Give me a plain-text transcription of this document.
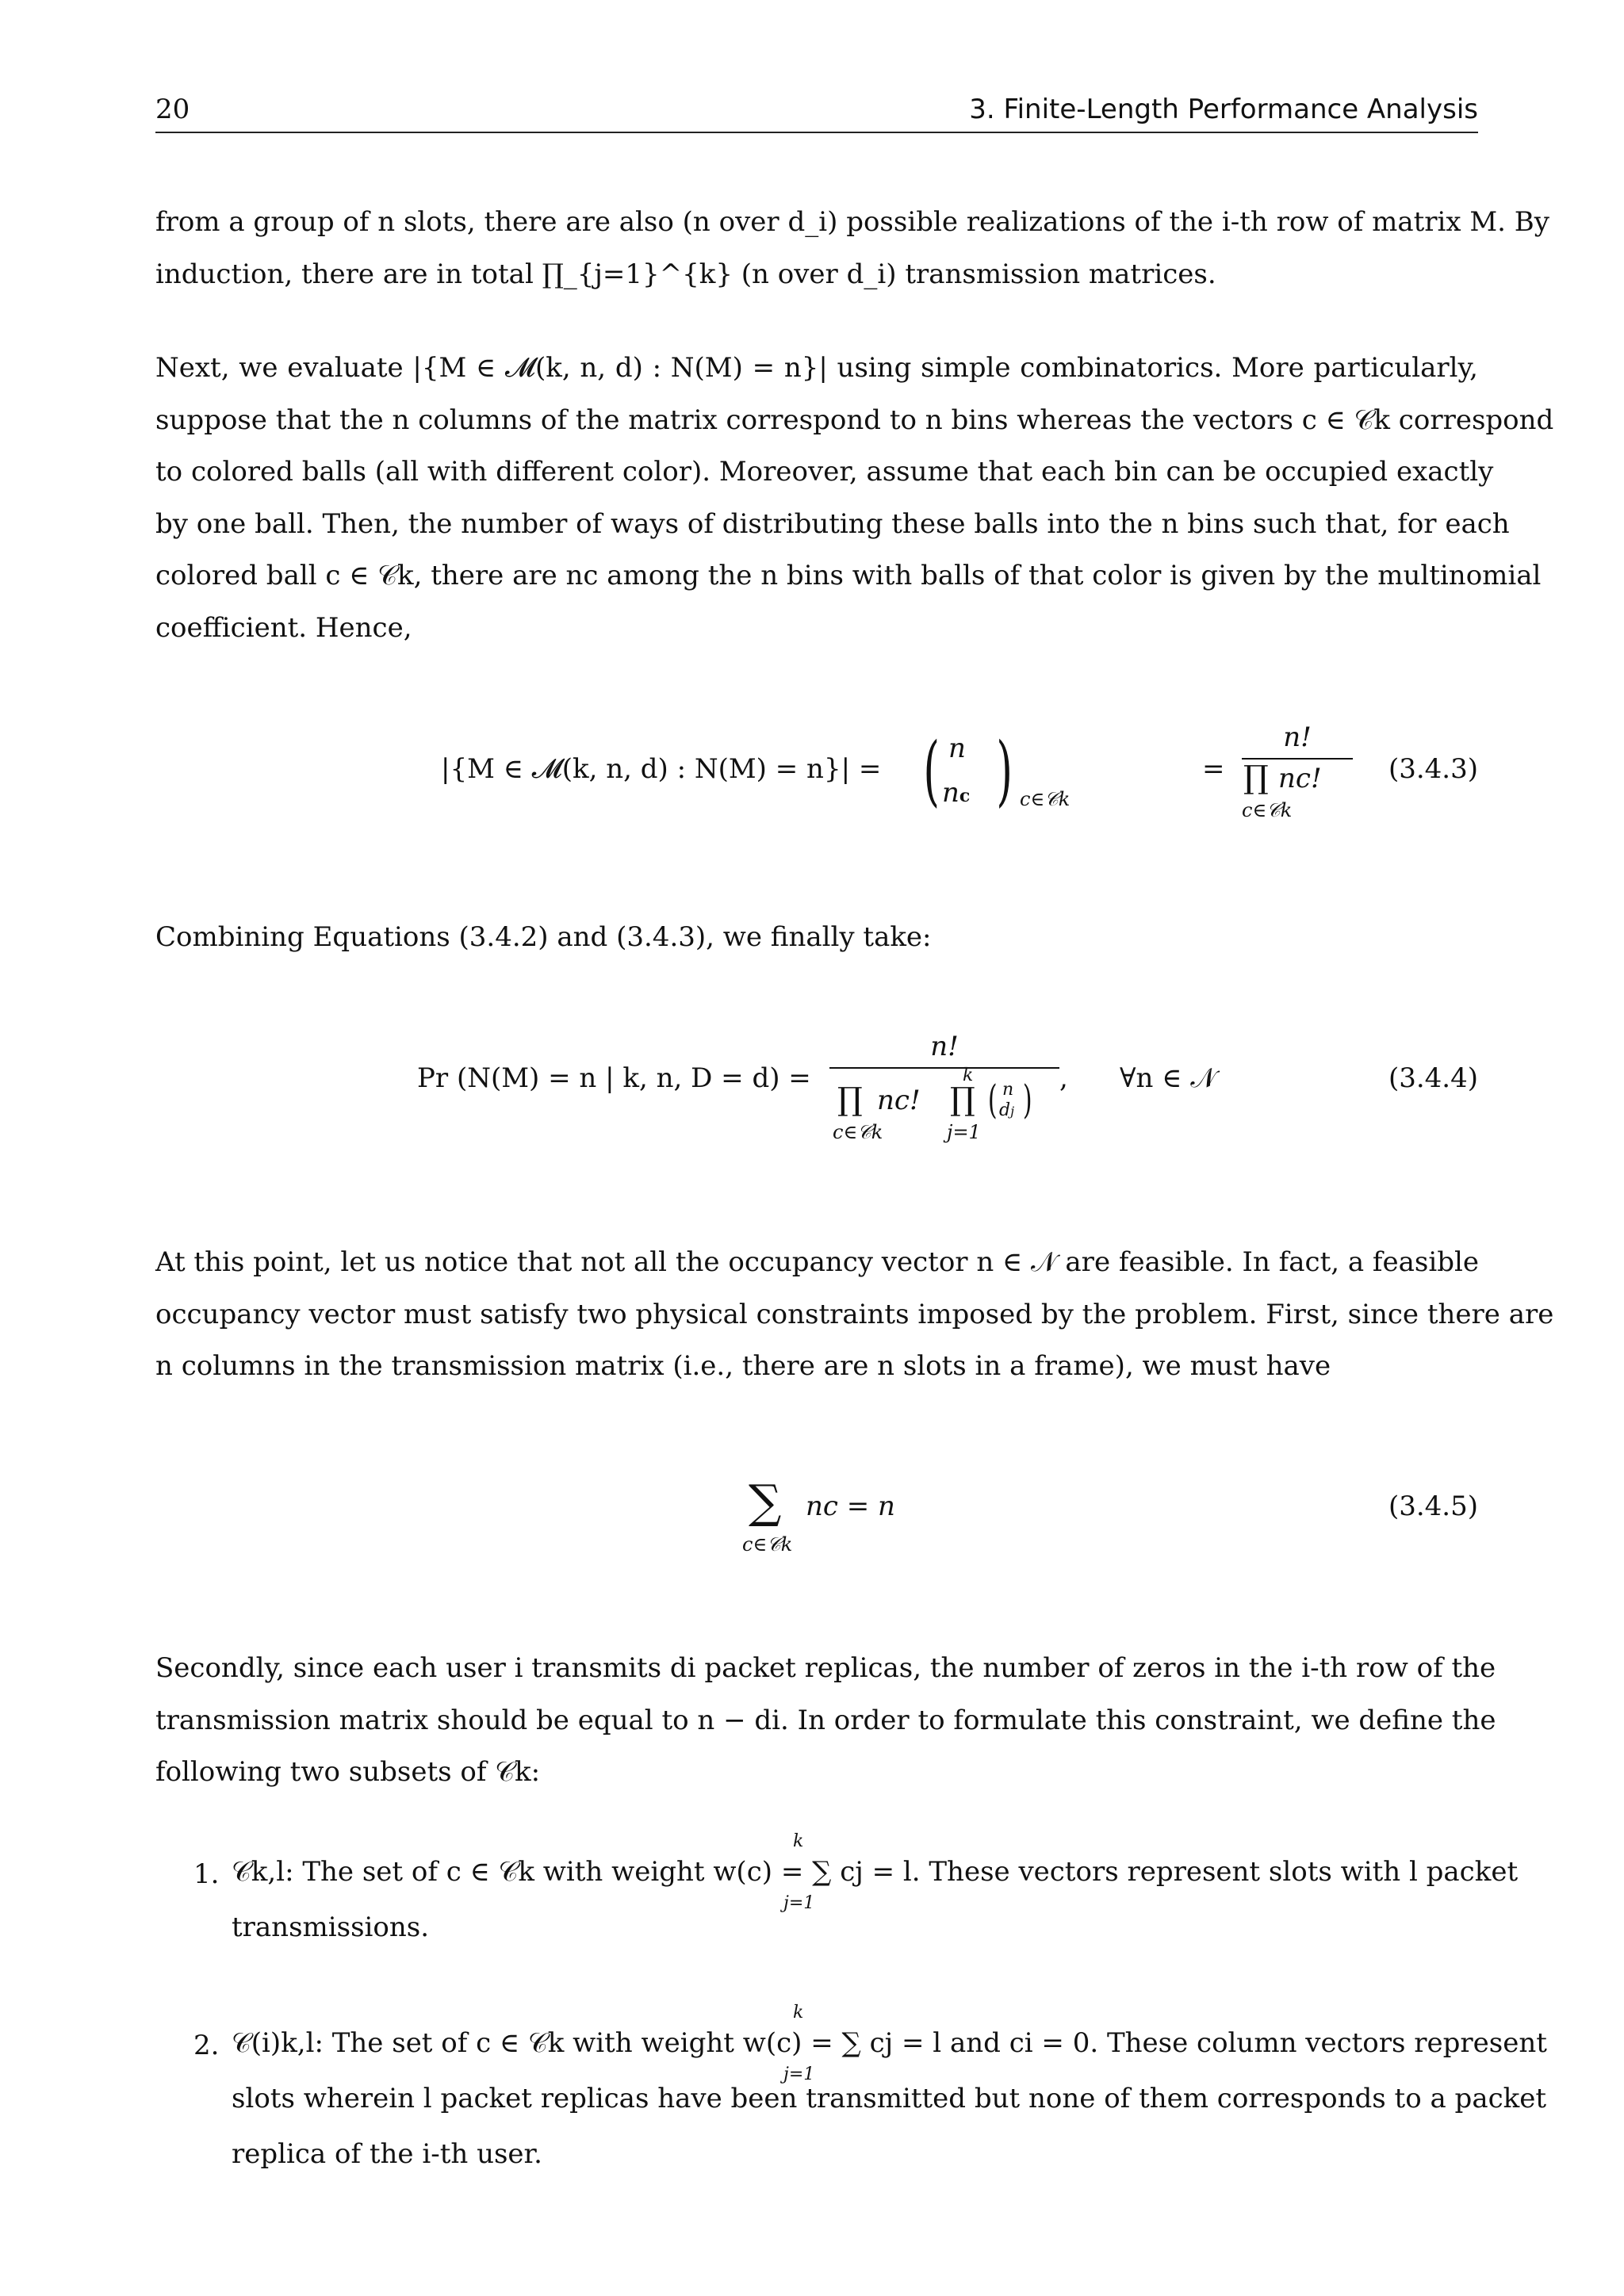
20	3. Finite-Length Performance Analysis
from a group of n slots, there are also (n over d_i) possible realizations of the i-th row of matrix M. By
induction, there are in total ∏_{j=1}^{k} (n over d_i) transmission matrices.
Next, we evaluate |{M ∈ 𝓜(k, n, d) : N(M) = n}| using simple combinatorics. More particularly,
suppose that the n columns of the matrix correspond to n bins whereas the vectors c ∈ 𝒞k correspond
to colored balls (all with different color). Moreover, assume that each bin can be occupied exactly
by one ball. Then, the number of ways of distributing these balls into the n bins such that, for each
colored ball c ∈ 𝒞k, there are nc among the n bins with balls of that color is given by the multinomial
coefficient. Hence,
|{M ∈ 𝓜(k, n, d) : N(M) = n}| = ( n
nc ) c∈𝒞k
=
n!
∏ nc!
c∈𝒞k
(3.4.3)
Combining Equations (3.4.2) and (3.4.3), we finally take:
Pr (N(M) = n | k, n, D = d) =
n!
∏ nc!
c∈𝒞k
k
∏
j=1
( n
dj ) , ∀n ∈ 𝒩	(3.4.4)
At this point, let us notice that not all the occupancy vector n ∈ 𝒩 are feasible. In fact, a feasible
occupancy vector must satisfy two physical constraints imposed by the problem. First, since there are
n columns in the transmission matrix (i.e., there are n slots in a frame), we must have
∑
c∈𝒞k
nc = n	(3.4.5)
Secondly, since each user i transmits di packet replicas, the number of zeros in the i-th row of the
transmission matrix should be equal to n − di. In order to formulate this constraint, we define the
following two subsets of 𝒞k:
1.
k
j=1
𝒞k,l: The set of c ∈ 𝒞k with weight w(c) = ∑ cj = l. These vectors represent slots with l packet
transmissions.
2.
k
j=1
𝒞(i)k,l: The set of c ∈ 𝒞k with weight w(c) = ∑ cj = l and ci = 0. These column vectors represent
slots wherein l packet replicas have been transmitted but none of them corresponds to a packet
replica of the i-th user.
